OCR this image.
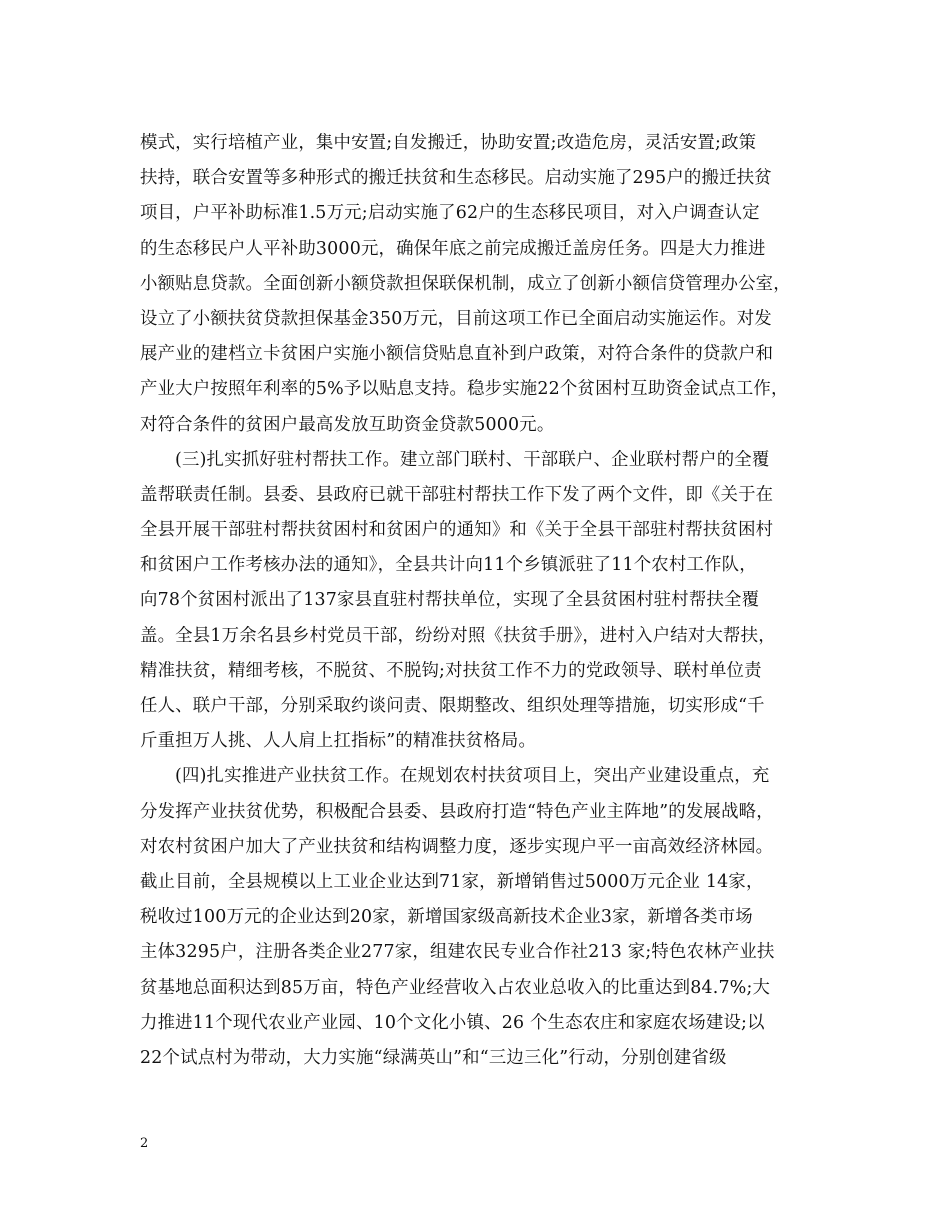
模式，实行培植产业，集中安置;自发搬迁，协助安置;改造危房，灵活安置;政策
扶持，联合安置等多种形式的搬迁扶贫和生态移民。启动实施了295户的搬迁扶贫
项目，户平补助标准1.5万元;启动实施了62户的生态移民项目，对入户调查认定
的生态移民户人平补助3000元，确保年底之前完成搬迁盖房任务。四是大力推进
小额贴息贷款。全面创新小额贷款担保联保机制，成立了创新小额信贷管理办公室，
设立了小额扶贫贷款担保基金350万元，目前这项工作已全面启动实施运作。对发
展产业的建档立卡贫困户实施小额信贷贴息直补到户政策，对符合条件的贷款户和
产业大户按照年利率的5%予以贴息支持。稳步实施22个贫困村互助资金试点工作，
对符合条件的贫困户最高发放互助资金贷款5000元。
(三)扎实抓好驻村帮扶工作。建立部门联村、干部联户、企业联村帮户的全覆
盖帮联责任制。县委、县政府已就干部驻村帮扶工作下发了两个文件，即《关于在
全县开展干部驻村帮扶贫困村和贫困户的通知》和《关于全县干部驻村帮扶贫困村
和贫困户工作考核办法的通知》，全县共计向11个乡镇派驻了11个农村工作队，
向78个贫困村派出了137家县直驻村帮扶单位，实现了全县贫困村驻村帮扶全覆
盖。全县1万余名县乡村党员干部，纷纷对照《扶贫手册》，进村入户结对大帮扶，
精准扶贫，精细考核，不脱贫、不脱钩;对扶贫工作不力的党政领导、联村单位责
任人、联户干部，分别采取约谈问责、限期整改、组织处理等措施，切实形成“千
斤重担万人挑、人人肩上扛指标”的精准扶贫格局。
(四)扎实推进产业扶贫工作。在规划农村扶贫项目上，突出产业建设重点，充
分发挥产业扶贫优势，积极配合县委、县政府打造“特色产业主阵地”的发展战略，
对农村贫困户加大了产业扶贫和结构调整力度，逐步实现户平一亩高效经济林园。
截止目前，全县规模以上工业企业达到71家，新增销售过5000万元企业 14家，
税收过100万元的企业达到20家，新增国家级高新技术企业3家，新增各类市场
主体3295户，注册各类企业277家，组建农民专业合作社213 家;特色农林产业扶
贫基地总面积达到85万亩，特色产业经营收入占农业总收入的比重达到84.7%;大
力推进11个现代农业产业园、10个文化小镇、26 个生态农庄和家庭农场建设;以
22个试点村为带动，大力实施“绿满英山”和“三边三化”行动，分别创建省级
2
